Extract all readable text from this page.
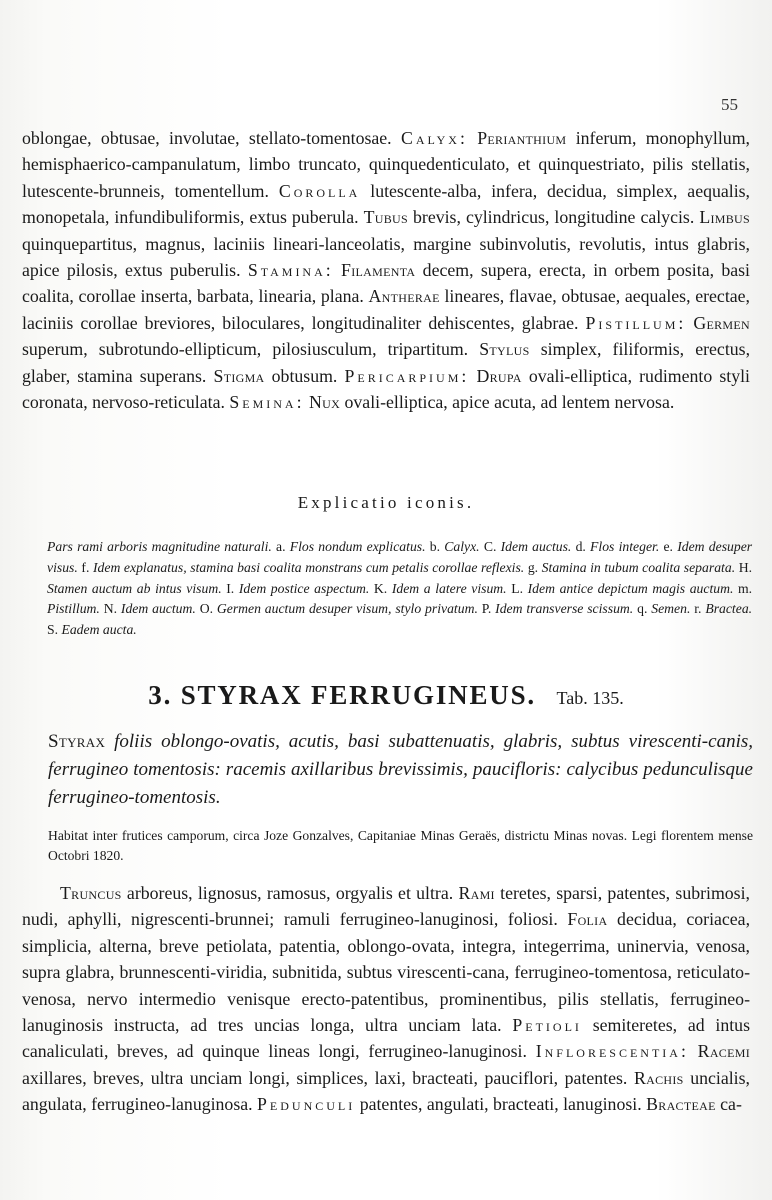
55

oblongae, obtusae, involutae, stellato-tomentosae. Calyx: Perianthium inferum, monophyllum, hemisphaerico-campanulatum, limbo truncato, quinquedenticulato, et quinquestriato, pilis stellatis, lutescente-brunneis, tomentellum. Corolla lutescente-alba, infera, decidua, simplex, aequalis, monopetala, infundibuliformis, extus puberula. Tubus brevis, cylindricus, longitudine calycis. Limbus quinquepartitus, magnus, laciniis lineari-lanceolatis, margine subinvolutis, revolutis, intus glabris, apice pilosis, extus puberulis. Stamina: Filamenta decem, supera, erecta, in orbem posita, basi coalita, corollae inserta, barbata, linearia, plana. Antherae lineares, flavae, obtusae, aequales, erectae, laciniis corollae breviores, biloculares, longitudinaliter dehiscentes, glabrae. Pistillum: Germen superum, subrotundo-ellipticum, pilosiusculum, tripartitum. Stylus simplex, filiformis, erectus, glaber, stamina superans. Stigma obtusum. Pericarpium: Drupa ovali-elliptica, rudimento styli coronata, nervoso-reticulata. Semina: Nux ovali-elliptica, apice acuta, ad lentem nervosa.

Explicatio iconis.

Pars rami arboris magnitudine naturali. a. Flos nondum explicatus. b. Calyx. C. Idem auctus. d. Flos integer. e. Idem desuper visus. f. Idem explanatus, stamina basi coalita monstrans cum petalis corollae reflexis. g. Stamina in tubum coalita separata. H. Stamen auctum ab intus visum. I. Idem postice aspectum. K. Idem a latere visum. L. Idem antice depictum magis auctum. m. Pistillum. N. Idem auctum. O. Germen auctum desuper visum, stylo privatum. P. Idem transverse scissum. q. Semen. r. Bractea. S. Eadem aucta.

3. STYRAX FERRUGINEUS. Tab. 135.

Styrax foliis oblongo-ovatis, acutis, basi subattenuatis, glabris, subtus virescenti-canis, ferrugineo tomentosis: racemis axillaribus brevissimis, paucifloris: calycibus pedunculisque ferrugineo-tomentosis.

Habitat inter frutices camporum, circa Joze Gonzalves, Capitaniae Minas Geraës, districtu Minas novas. Legi florentem mense Octobri 1820.

Truncus arboreus, lignosus, ramosus, orgyalis et ultra. Rami teretes, sparsi, patentes, subrimosi, nudi, aphylli, nigrescenti-brunnei; ramuli ferrugineo-lanuginosi, foliosi. Folia decidua, coriacea, simplicia, alterna, breve petiolata, patentia, oblongo-ovata, integra, integerrima, uninervia, venosa, supra glabra, brunnescenti-viridia, subnitida, subtus virescenti-cana, ferrugineo-tomentosa, reticulato-venosa, nervo intermedio venisque erecto-patentibus, prominentibus, pilis stellatis, ferrugineo-lanuginosis instructa, ad tres uncias longa, ultra unciam lata. Petioli semiteretes, ad intus canaliculati, breves, ad quinque lineas longi, ferrugineo-lanuginosi. Inflorescentia: Racemi axillares, breves, ultra unciam longi, simplices, laxi, bracteati, pauciflori, patentes. Rachis uncialis, angulata, ferrugineo-lanuginosa. Pedunculi patentes, angulati, bracteati, lanuginosi. Bracteae ca-
